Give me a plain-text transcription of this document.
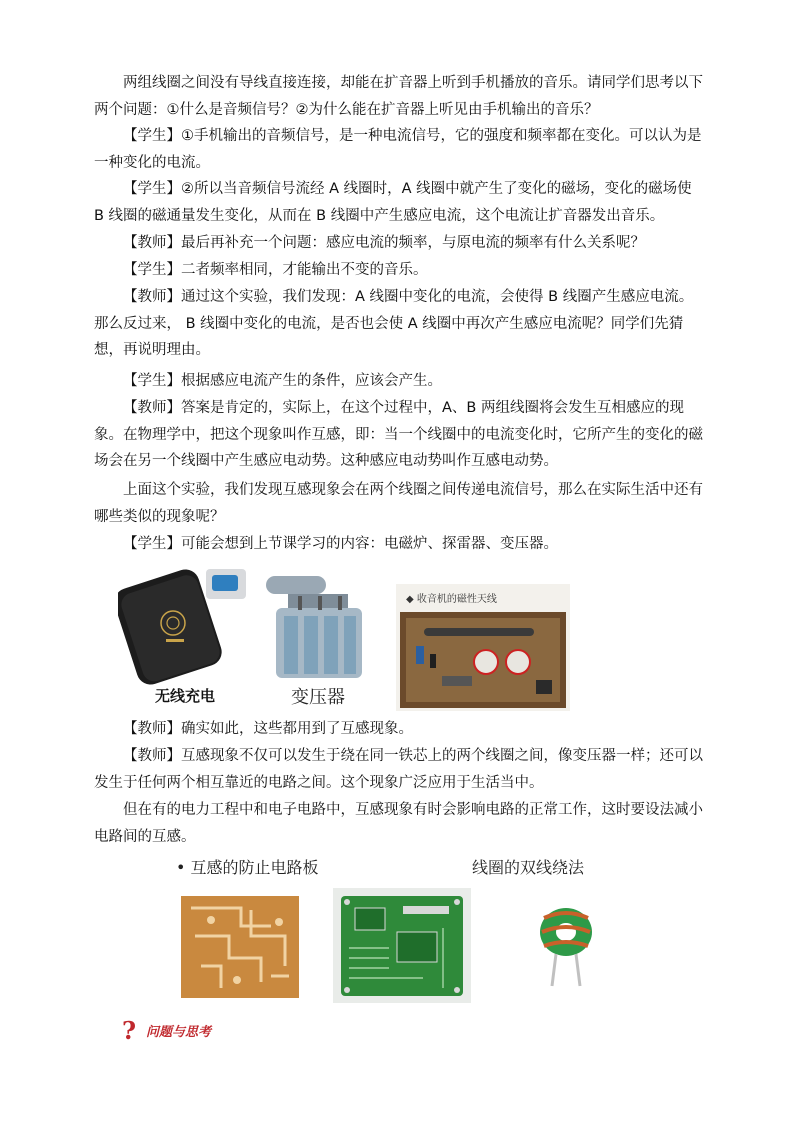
两组线圈之间没有导线直接连接，却能在扩音器上听到手机播放的音乐。请同学们思考以下两个问题：①什么是音频信号？②为什么能在扩音器上听见由手机输出的音乐？

【学生】①手机输出的音频信号，是一种电流信号，它的强度和频率都在变化。可以认为是一种变化的电流。

【学生】②所以当音频信号流经 A 线圈时，A 线圈中就产生了变化的磁场，变化的磁场使 B 线圈的磁通量发生变化，从而在 B 线圈中产生感应电流，这个电流让扩音器发出音乐。

【教师】最后再补充一个问题：感应电流的频率，与原电流的频率有什么关系呢？

【学生】二者频率相同，才能输出不变的音乐。

【教师】通过这个实验，我们发现：A 线圈中变化的电流，会使得 B 线圈产生感应电流。那么反过来， B 线圈中变化的电流，是否也会使 A 线圈中再次产生感应电流呢？同学们先猜想，再说明理由。

【学生】根据感应电流产生的条件，应该会产生。

【教师】答案是肯定的，实际上，在这个过程中，A、B 两组线圈将会发生互相感应的现象。在物理学中，把这个现象叫作互感，即：当一个线圈中的电流变化时，它所产生的变化的磁场会在另一个线圈中产生感应电动势。这种感应电动势叫作互感电动势。

上面这个实验，我们发现互感现象会在两个线圈之间传递电流信号，那么在实际生活中还有哪些类似的现象呢？

【学生】可能会想到上节课学习的内容：电磁炉、探雷器、变压器。

无线充电	变压器
◆ 收音机的磁性天线

【教师】确实如此，这些都用到了互感现象。

【教师】互感现象不仅可以发生于绕在同一铁芯上的两个线圈之间，像变压器一样；还可以发生于任何两个相互靠近的电路之间。这个现象广泛应用于生活当中。

但在有的电力工程中和电子电路中，互感现象有时会影响电路的正常工作，这时要设法减小电路间的互感。

• 互感的防止电路板	线圈的双线绕法
? 问题与思考
